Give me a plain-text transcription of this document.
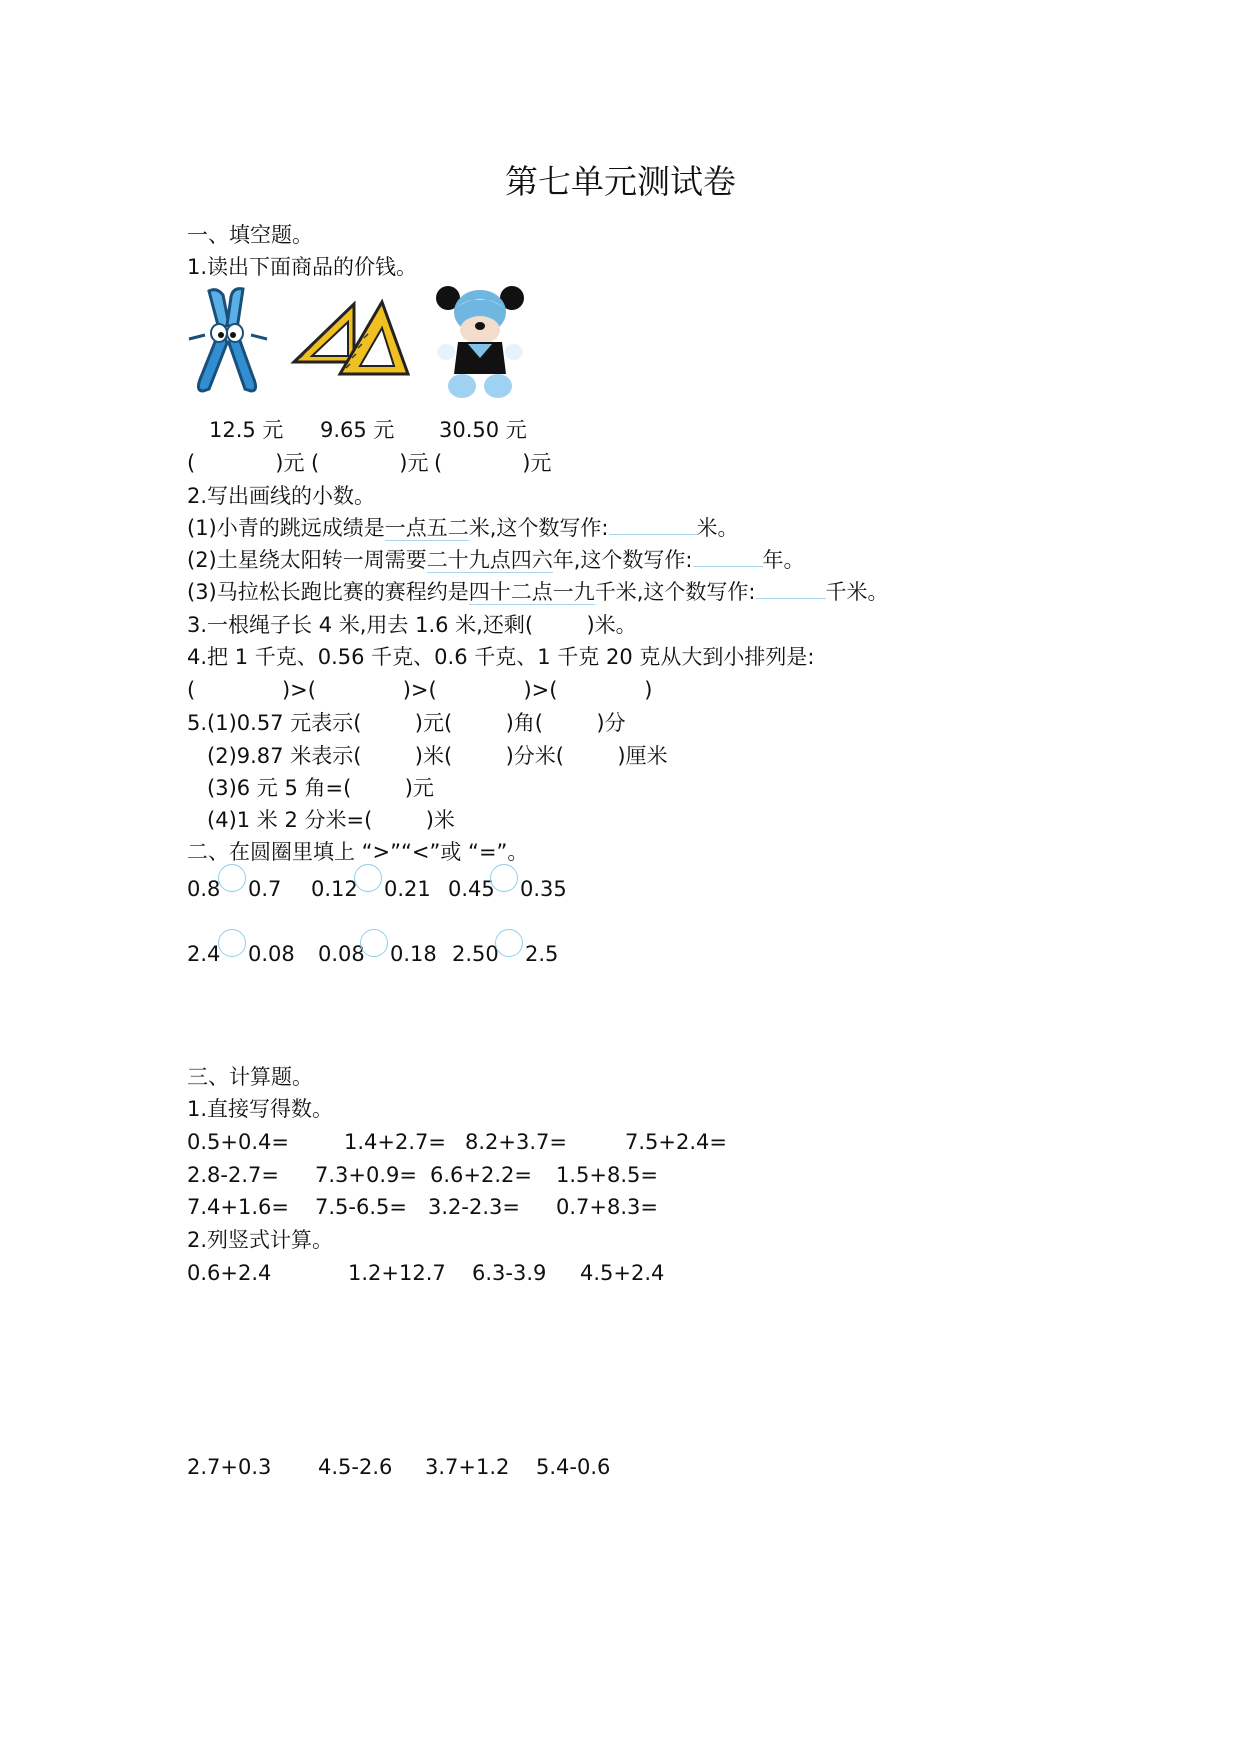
第七单元测试卷
一、填空题。
1.读出下面商品的价钱。
12.5 元 9.65 元 30.50 元
(            )元 (            )元 (            )元
2.写出画线的小数。
(1)小青的跳远成绩是一点五二米,这个数写作:	米。
(2)土星绕太阳转一周需要二十九点四六年,这个数写作:	年。
(3)马拉松长跑比赛的赛程约是四十二点一九千米,这个数写作:	千米。
3.一根绳子长 4 米,用去 1.6 米,还剩(        )米。
4.把 1 千克、0.56 千克、0.6 千克、1 千克 20 克从大到小排列是:
(             )>(             )>(             )>(             )
5.(1)0.57 元表示(        )元(        )角(        )分
(2)9.87 米表示(        )米(        )分米(        )厘米
(3)6 元 5 角=(        )元
(4)1 米 2 分米=(        )米
二、在圆圈里填上 “>”“<”或 “=”。
0.8 0.7 0.12 0.21 0.45 0.35
2.4 0.08 0.08 0.18 2.50 2.5
三、计算题。
1.直接写得数。
0.5+0.4=	1.4+2.7= 8.2+3.7=	7.5+2.4=
2.8-2.7= 7.3+0.9= 6.6+2.2= 1.5+8.5=
7.4+1.6= 7.5-6.5= 3.2-2.3= 0.7+8.3=
2.列竖式计算。
0.6+2.4	1.2+12.7 6.3-3.9 4.5+2.4
2.7+0.3 4.5-2.6 3.7+1.2 5.4-0.6
